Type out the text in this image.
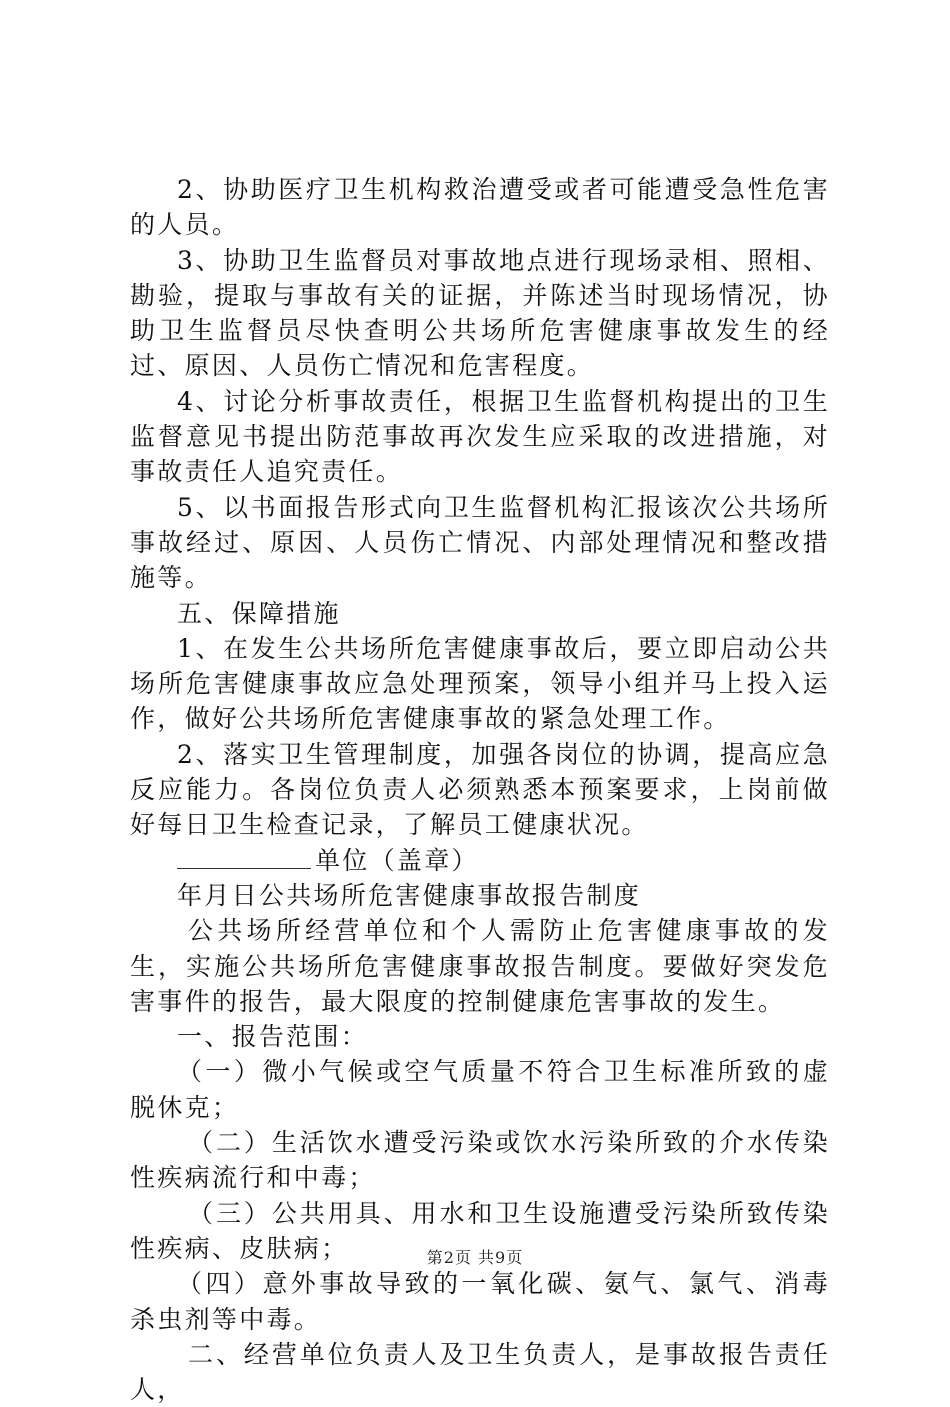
2、协助医疗卫生机构救治遭受或者可能遭受急性危害的人员。

3、协助卫生监督员对事故地点进行现场录相、照相、勘验，提取与事故有关的证据，并陈述当时现场情况，协助卫生监督员尽快查明公共场所危害健康事故发生的经过、原因、人员伤亡情况和危害程度。

4、讨论分析事故责任，根据卫生监督机构提出的卫生监督意见书提出防范事故再次发生应采取的改进措施，对事故责任人追究责任。

5、以书面报告形式向卫生监督机构汇报该次公共场所事故经过、原因、人员伤亡情况、内部处理情况和整改措施等。

五、保障措施

1、在发生公共场所危害健康事故后，要立即启动公共场所危害健康事故应急处理预案，领导小组并马上投入运作，做好公共场所危害健康事故的紧急处理工作。

2、落实卫生管理制度，加强各岗位的协调，提高应急反应能力。各岗位负责人必须熟悉本预案要求，上岗前做好每日卫生检查记录，了解员工健康状况。

单位（盖章）

年月日公共场所危害健康事故报告制度

公共场所经营单位和个人需防止危害健康事故的发生，实施公共场所危害健康事故报告制度。要做好突发危害事件的报告，最大限度的控制健康危害事故的发生。

一、报告范围：

（一）微小气候或空气质量不符合卫生标准所致的虚脱休克；

（二）生活饮水遭受污染或饮水污染所致的介水传染性疾病流行和中毒；

（三）公共用具、用水和卫生设施遭受污染所致传染性疾病、皮肤病；

（四）意外事故导致的一氧化碳、氨气、氯气、消毒杀虫剂等中毒。

二、经营单位负责人及卫生负责人，是事故报告责任人，

第2页 共9页
